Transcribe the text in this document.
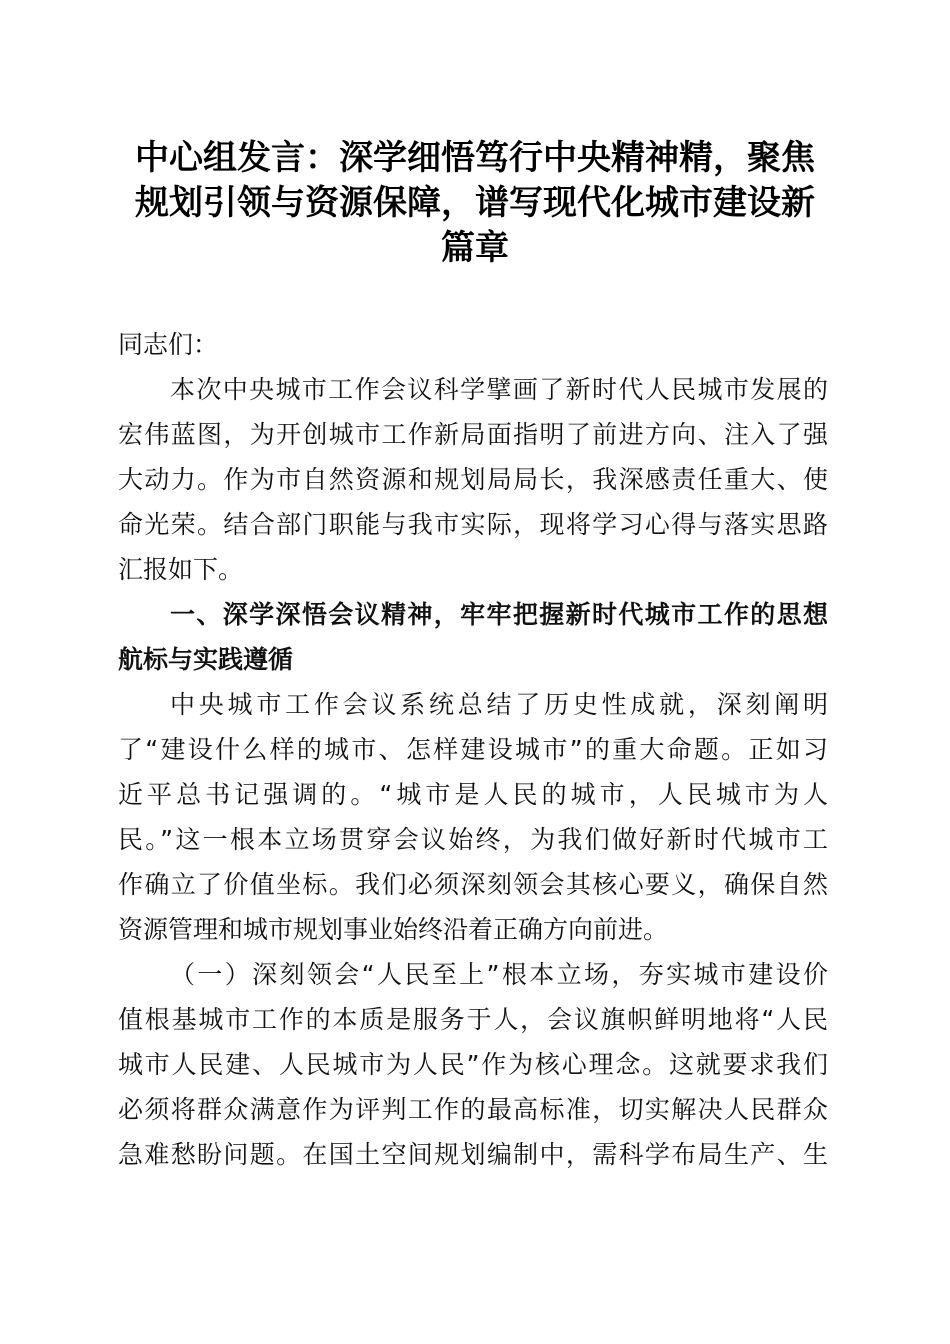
中心组发言：深学细悟笃行中央精神精，聚焦
规划引领与资源保障，谱写现代化城市建设新
篇章
同志们：
本次中央城市工作会议科学擘画了新时代人民城市发展的
宏伟蓝图，为开创城市工作新局面指明了前进方向、注入了强
大动力。作为市自然资源和规划局局长，我深感责任重大、使
命光荣。结合部门职能与我市实际，现将学习心得与落实思路
汇报如下。
一、深学深悟会议精神，牢牢把握新时代城市工作的思想
航标与实践遵循
中央城市工作会议系统总结了历史性成就，深刻阐明
了“建设什么样的城市、怎样建设城市”的重大命题。正如习
近平总书记强调的。“城市是人民的城市，人民城市为人
民。”这一根本立场贯穿会议始终，为我们做好新时代城市工
作确立了价值坐标。我们必须深刻领会其核心要义，确保自然
资源管理和城市规划事业始终沿着正确方向前进。
（一）深刻领会“人民至上”根本立场，夯实城市建设价
值根基城市工作的本质是服务于人，会议旗帜鲜明地将“人民
城市人民建、人民城市为人民”作为核心理念。这就要求我们
必须将群众满意作为评判工作的最高标准，切实解决人民群众
急难愁盼问题。在国土空间规划编制中，需科学布局生产、生
